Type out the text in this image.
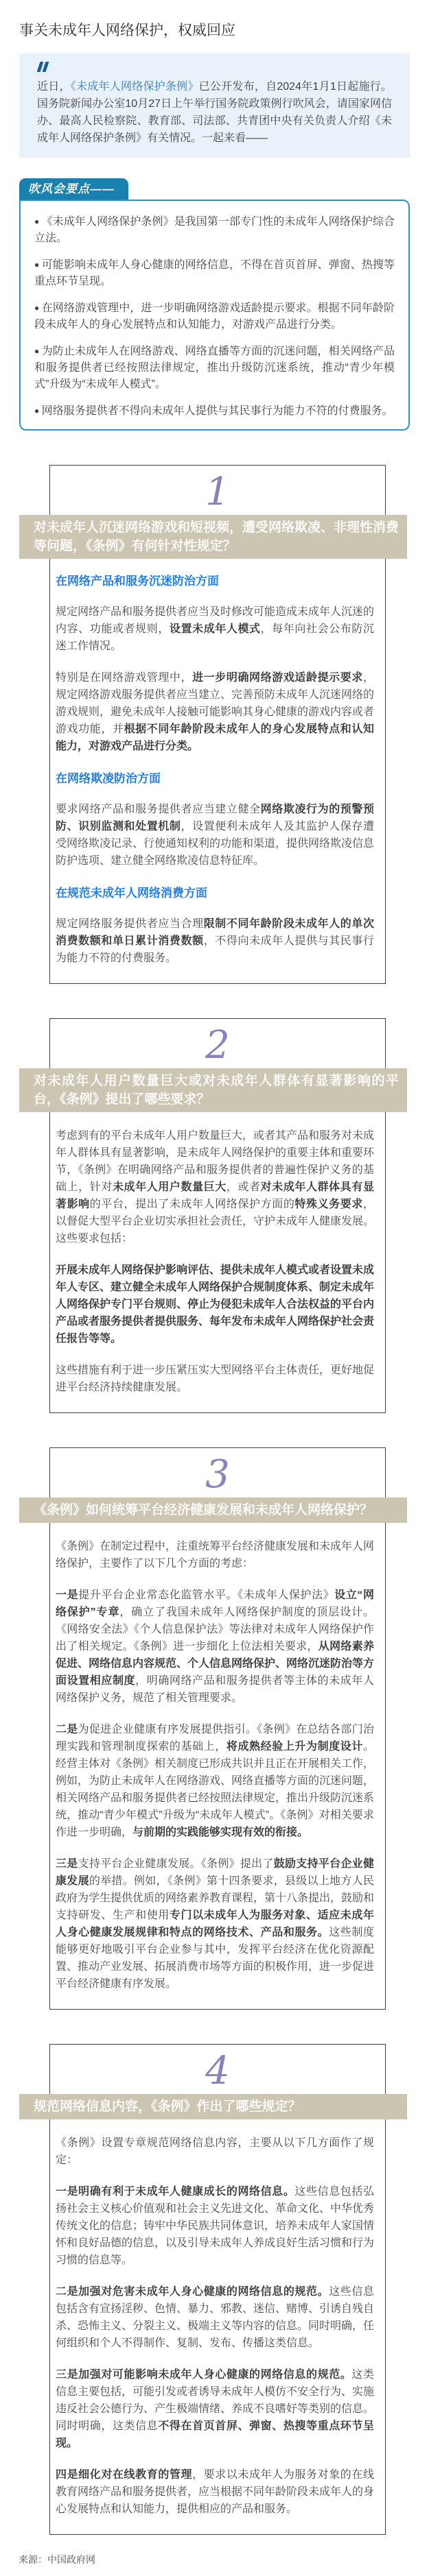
事关未成年人网络保护，权威回应
近日，《未成年人网络保护条例》已公开发布，自2024年1月1日起施行。国务院新闻办公室10月27日上午举行国务院政策例行吹风会，请国家网信办、最高人民检察院、教育部、司法部、共青团中央有关负责人介绍《未成年人网络保护条例》有关情况。一起来看——
吹风会要点——
● 《未成年人网络保护条例》是我国第一部专门性的未成年人网络保护综合立法。
● 可能影响未成年人身心健康的网络信息，不得在首页首屏、弹窗、热搜等重点环节呈现。
● 在网络游戏管理中，进一步明确网络游戏适龄提示要求。根据不同年龄阶段未成年人的身心发展特点和认知能力，对游戏产品进行分类。
● 为防止未成年人在网络游戏、网络直播等方面的沉迷问题，相关网络产品和服务提供者已经按照法律规定，推出升级防沉迷系统，推动“青少年模式”升级为“未成年人模式”。
● 网络服务提供者不得向未成年人提供与其民事行为能力不符的付费服务。
1
对未成年人沉迷网络游戏和短视频，遭受网络欺凌、非理性消费等问题，《条例》有何针对性规定？
在网络产品和服务沉迷防治方面
规定网络产品和服务提供者应当及时修改可能造成未成年人沉迷的内容、功能或者规则，设置未成年人模式，每年向社会公布防沉迷工作情况。
特别是在网络游戏管理中，进一步明确网络游戏适龄提示要求，规定网络游戏服务提供者应当建立、完善预防未成年人沉迷网络的游戏规则，避免未成年人接触可能影响其身心健康的游戏内容或者游戏功能，并根据不同年龄阶段未成年人的身心发展特点和认知能力，对游戏产品进行分类。
在网络欺凌防治方面
要求网络产品和服务提供者应当建立健全网络欺凌行为的预警预防、识别监测和处置机制，设置便利未成年人及其监护人保存遭受网络欺凌记录、行使通知权利的功能和渠道，提供网络欺凌信息防护选项、建立健全网络欺凌信息特征库。
在规范未成年人网络消费方面
规定网络服务提供者应当合理限制不同年龄阶段未成年人的单次消费数额和单日累计消费数额，不得向未成年人提供与其民事行为能力不符的付费服务。
2
对未成年人用户数量巨大或对未成年人群体有显著影响的平台，《条例》提出了哪些要求？
考虑到有的平台未成年人用户数量巨大，或者其产品和服务对未成年人群体具有显著影响，是未成年人网络保护的重要主体和重要环节，《条例》在明确网络产品和服务提供者的普遍性保护义务的基础上，针对未成年人用户数量巨大，或者对未成年人群体具有显著影响的平台，提出了未成年人网络保护方面的特殊义务要求，以督促大型平台企业切实承担社会责任，守护未成年人健康发展。这些要求包括：
开展未成年人网络保护影响评估、提供未成年人模式或者设置未成年人专区、建立健全未成年人网络保护合规制度体系、制定未成年人网络保护专门平台规则、停止为侵犯未成年人合法权益的平台内产品或者服务提供者提供服务、每年发布未成年人网络保护社会责任报告等等。
这些措施有利于进一步压紧压实大型网络平台主体责任，更好地促进平台经济持续健康发展。
3
《条例》如何统筹平台经济健康发展和未成年人网络保护？
《条例》在制定过程中，注重统筹平台经济健康发展和未成年人网络保护，主要作了以下几个方面的考虑：
一是提升平台企业常态化监管水平。《未成年人保护法》设立“网络保护”专章，确立了我国未成年人网络保护制度的顶层设计。《网络安全法》《个人信息保护法》等法律对未成年人网络保护作出了相关规定。《条例》进一步细化上位法相关要求，从网络素养促进、网络信息内容规范、个人信息网络保护、网络沉迷防治等方面设置相应制度，明确网络产品和服务提供者等主体的未成年人网络保护义务，规范了相关管理要求。
二是为促进企业健康有序发展提供指引。《条例》在总结各部门治理实践和管理制度探索的基础上，将成熟经验上升为制度设计。经营主体对《条例》相关制度已形成共识并且正在开展相关工作，例如，为防止未成年人在网络游戏、网络直播等方面的沉迷问题，相关网络产品和服务提供者已经按照法律规定，推出升级防沉迷系统，推动“青少年模式”升级为“未成年人模式”。《条例》对相关要求作进一步明确，与前期的实践能够实现有效的衔接。
三是支持平台企业健康发展。《条例》提出了鼓励支持平台企业健康发展的举措。例如，《条例》第十四条要求，县级以上地方人民政府为学生提供优质的网络素养教育课程，第十八条提出，鼓励和支持研发、生产和使用专门以未成年人为服务对象、适应未成年人身心健康发展规律和特点的网络技术、产品和服务。这些制度能够更好地吸引平台企业参与其中，发挥平台经济在优化资源配置、推动产业发展、拓展消费市场等方面的积极作用，进一步促进平台经济健康有序发展。
4
规范网络信息内容，《条例》作出了哪些规定？
《条例》设置专章规范网络信息内容，主要从以下几方面作了规定：
一是明确有利于未成年人健康成长的网络信息。这些信息包括弘扬社会主义核心价值观和社会主义先进文化、革命文化、中华优秀传统文化的信息；铸牢中华民族共同体意识，培养未成年人家国情怀和良好品德的信息，以及引导未成年人养成良好生活习惯和行为习惯的信息等。
二是加强对危害未成年人身心健康的网络信息的规范。这些信息包括含有宣扬淫秽、色情、暴力、邪教、迷信、赌博、引诱自残自杀、恐怖主义、分裂主义、极端主义等内容的信息。同时明确，任何组织和个人不得制作、复制、发布、传播这类信息。
三是加强对可能影响未成年人身心健康的网络信息的规范。这类信息主要包括，可能引发或者诱导未成年人模仿不安全行为、实施违反社会公德行为、产生极端情绪、养成不良嗜好等类别的信息。同时明确，这类信息不得在首页首屏、弹窗、热搜等重点环节呈现。
四是细化对在线教育的管理，要求以未成年人为服务对象的在线教育网络产品和服务提供者，应当根据不同年龄阶段未成年人的身心发展特点和认知能力，提供相应的产品和服务。
来源：中国政府网
